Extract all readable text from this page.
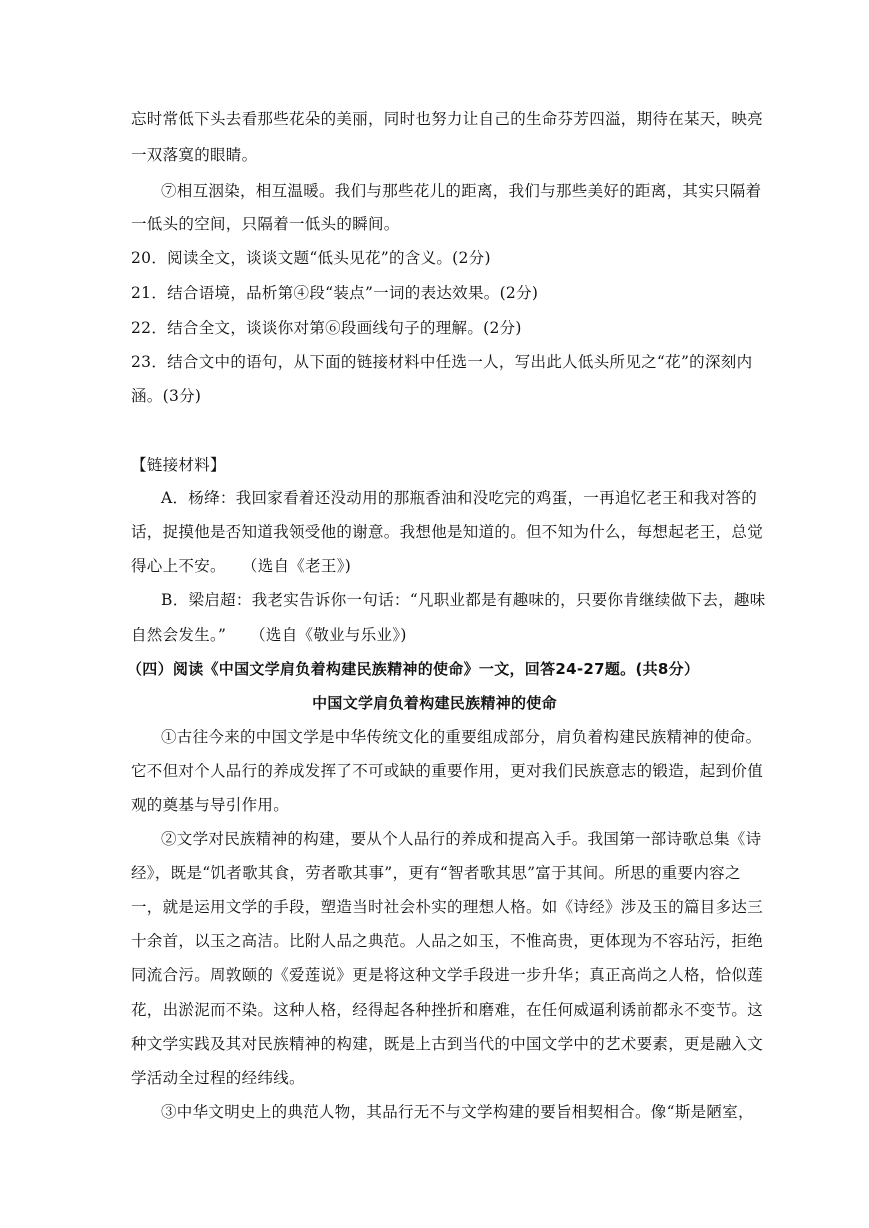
忘时常低下头去看那些花朵的美丽，同时也努力让自己的生命芬芳四溢，期待在某天，映亮
一双落寞的眼睛。
⑦相互洇染，相互温暖。我们与那些花儿的距离，我们与那些美好的距离，其实只隔着
一低头的空间，只隔着一低头的瞬间。
20．阅读全文，谈谈文题“低头见花”的含义。(2分)
21．结合语境，品析第④段“装点”一词的表达效果。(2分)
22．结合全文，谈谈你对第⑥段画线句子的理解。(2分)
23．结合文中的语句，从下面的链接材料中任选一人，写出此人低头所见之“花”的深刻内
涵。(3分)
【链接材料】
A．杨绛：我回家看着还没动用的那瓶香油和没吃完的鸡蛋，一再追忆老王和我对答的
话，捉摸他是否知道我领受他的谢意。我想他是知道的。但不知为什么，每想起老王，总觉
得心上不安。　　（选自《老王》)
B．梁启超：我老实告诉你一句话：“凡职业都是有趣味的，只要你肯继续做下去，趣味
自然会发生。”　　（选自《敬业与乐业》)
（四）阅读《中国文学肩负着构建民族精神的使命》一文，回答24-27题。(共8分）
中国文学肩负着构建民族精神的使命
①古往今来的中国文学是中华传统文化的重要组成部分，肩负着构建民族精神的使命。
它不但对个人品行的养成发挥了不可或缺的重要作用，更对我们民族意志的锻造，起到价值
观的奠基与导引作用。
②文学对民族精神的构建，要从个人品行的养成和提高入手。我国第一部诗歌总集《诗
经》，既是“饥者歌其食，劳者歌其事”，更有“智者歌其思”富于其间。所思的重要内容之
一，就是运用文学的手段，塑造当时社会朴实的理想人格。如《诗经》涉及玉的篇目多达三
十余首，以玉之高洁。比附人品之典范。人品之如玉，不惟高贵，更体现为不容玷污，拒绝
同流合污。周敦颐的《爱莲说》更是将这种文学手段进一步升华；真正高尚之人格，恰似莲
花，出淤泥而不染。这种人格，经得起各种挫折和磨难，在任何威逼利诱前都永不变节。这
种文学实践及其对民族精神的构建，既是上古到当代的中国文学中的艺术要素，更是融入文
学活动全过程的经纬线。
③中华文明史上的典范人物，其品行无不与文学构建的要旨相契相合。像“斯是陋室，
